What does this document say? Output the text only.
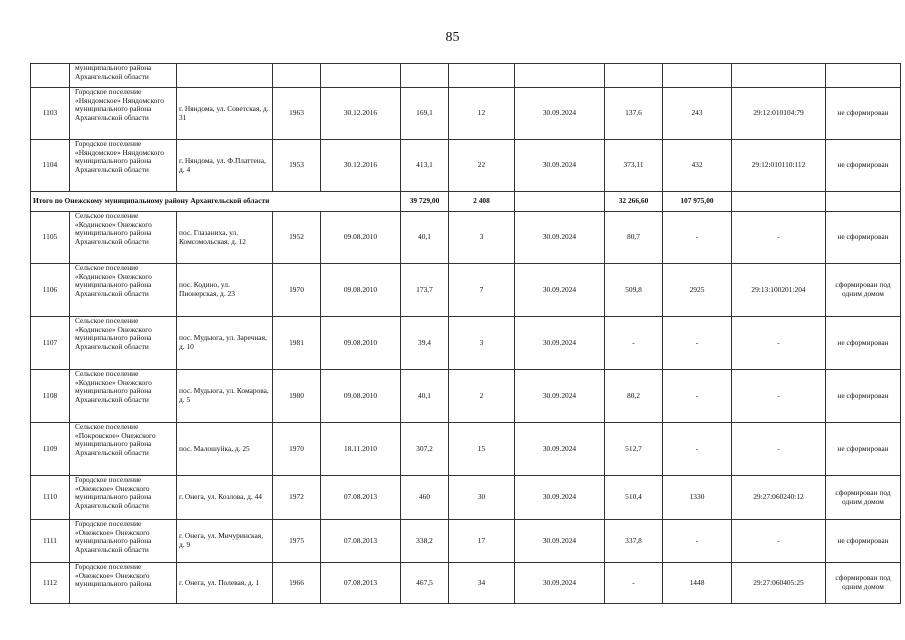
85
	муниципального района Архангельской области										
1103	Городское поселение «Няндомское» Няндомского муниципального района Архангельской области	г. Няндома, ул. Советская, д. 31	1963	30.12.2016	169,1	12	30.09.2024	137,6	243	29:12:010104:79	не сформирован
1104	Городское поселение «Няндомское» Няндомского муниципального района Архангельской области	г. Няндома, ул. Ф.Платтена, д. 4	1953	30.12.2016	413,1	22	30.09.2024	373,11	432	29:12:010110:112	не сформирован
Итого по Онежскому муниципальному району Архангельской области					39 729,00	2 408		32 266,60	107 975,00		
1105	Сельское поселение «Кодинское» Онежского муниципального района Архангельской области	пос. Глазаниха, ул. Комсомольская, д. 12	1952	09.08.2010	40,1	3	30.09.2024	80,7	-	-	не сформирован
1106	Сельское поселение «Кодинское» Онежского муниципального района Архангельской области	пос. Кодино, ул. Пионерская, д. 23	1970	09.08.2010	173,7	7	30.09.2024	509,8	2925	29:13:100201:204	сформирован под одним домом
1107	Сельское поселение «Кодинское» Онежского муниципального района Архангельской области	пос. Мудьюга, ул. Заречная, д. 10	1981	09.08.2010	39,4	3	30.09.2024	-	-	-	не сформирован
1108	Сельское поселение «Кодинское» Онежского муниципального района Архангельской области	пос. Мудьюга, ул. Комарова, д. 5	1980	09.08.2010	40,1	2	30.09.2024	80,2	-	-	не сформирован
1109	Сельское поселение «Покровское» Онежского муниципального района Архангельской области	пос. Малошуйка, д. 25	1970	18.11.2010	307,2	15	30.09.2024	512,7	-	-	не сформирован
1110	Городское поселение «Онежское» Онежского муниципального района Архангельской области	г. Онега, ул. Козлова, д. 44	1972	07.08.2013	460	30	30.09.2024	510,4	1330	29:27:060240:12	сформирован под одним домом
1111	Городское поселение «Онежское» Онежского муниципального района Архангельской области	г. Онега, ул. Мичуринская, д. 9	1975	07.08.2013	338,2	17	30.09.2024	337,8	-	-	не сформирован
1112	Городское поселение «Онежское» Онежского муниципального района	г. Онега, ул. Полевая, д. 1	1966	07.08.2013	467,5	34	30.09.2024	-	1448	29:27:060405:25	сформирован под одним домом
